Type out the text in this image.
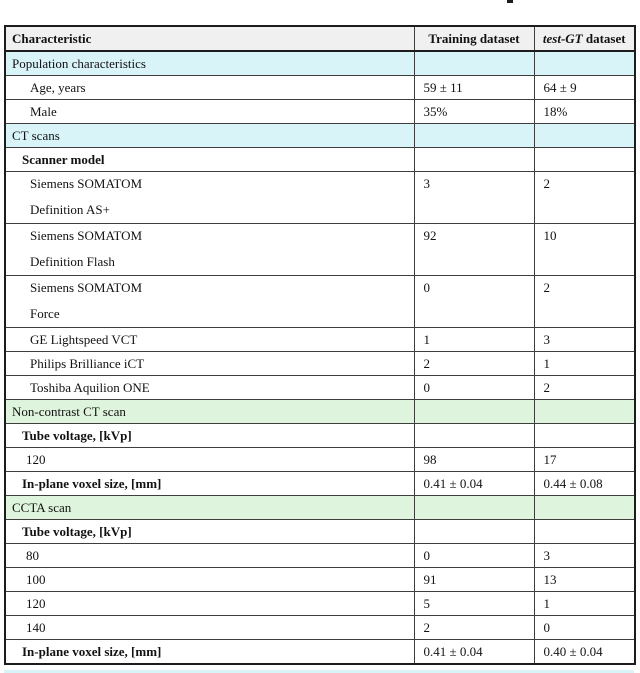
Characteristic	Training dataset	test-GT dataset
Population characteristics		
Age, years	59 ± 11	64 ± 9
Male	35%	18%
CT scans		
Scanner model		

Siemens SOMATOM
Definition AS+	3	2

Siemens SOMATOM
Definition Flash	92	10

Siemens SOMATOM
Force	0	2
GE Lightspeed VCT	1	3
Philips Brilliance iCT	2	1
Toshiba Aquilion ONE	0	2
Non-contrast CT scan		
Tube voltage, [kVp]		
120	98	17
In-plane voxel size, [mm]	0.41 ± 0.04	0.44 ± 0.08
CCTA scan		
Tube voltage, [kVp]		
80	0	3
100	91	13
120	5	1
140	2	0
In-plane voxel size, [mm]	0.41 ± 0.04	0.40 ± 0.04
